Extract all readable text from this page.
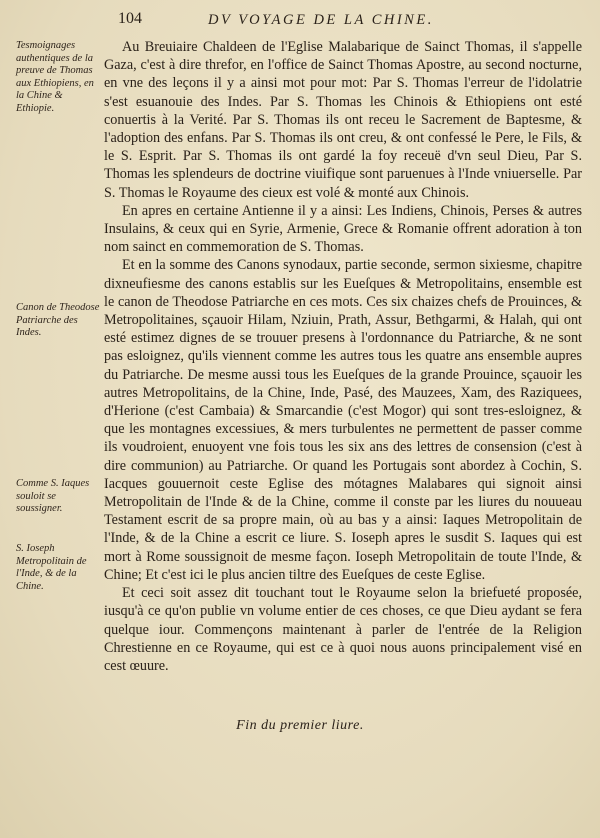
104	DV VOYAGE DE LA CHINE.
Tesmoignages authentiques de la preuve de Thomas aux Ethiopiens, en la Chine & Ethiopie.
Canon de Theodose Patriarche des Indes.
Comme S. Iaques souloit se soussigner.
S. Ioseph Metropolitain de l'Inde, & de la Chine.

Au Breuiaire Chaldeen de l'Eglise Malabarique de Sainct Thomas, il s'appelle Gaza, c'est à dire threfor, en l'office de Sainct Thomas Apostre, au second nocturne, en vne des leçons il y a ainsi mot pour mot: Par S. Thomas l'erreur de l'idolatrie s'est esuanouie des Indes. Par S. Thomas les Chinois & Ethiopiens ont esté conuertis à la Verité. Par S. Thomas ils ont receu le Sacrement de Baptesme, & l'adoption des enfans. Par S. Thomas ils ont creu, & ont confessé le Pere, le Fils, & le S. Esprit. Par S. Thomas ils ont gardé la foy receuë d'vn seul Dieu, Par S. Thomas les splendeurs de doctrine viuifique sont paruenues à l'Inde vniuerselle. Par S. Thomas le Royaume des cieux est volé & monté aux Chinois.

En apres en certaine Antienne il y a ainsi: Les Indiens, Chinois, Perses & autres Insulains, & ceux qui en Syrie, Armenie, Grece & Romanie offrent adoration à ton nom sainct en commemoration de S. Thomas.

Et en la somme des Canons synodaux, partie seconde, sermon sixiesme, chapitre dixneufiesme des canons establis sur les Eueſques & Metropolitains, ensemble est le canon de Theodose Patriarche en ces mots. Ces six chaizes chefs de Prouinces, & Metropolitaines, sçauoir Hilam, Nziuin, Prath, Assur, Bethgarmi, & Halah, qui ont esté estimez dignes de se trouuer presens à l'ordonnance du Patriarche, & ne sont pas esloignez, qu'ils viennent comme les autres tous les quatre ans ensemble aupres du Patriarche. De mesme aussi tous les Eueſques de la grande Prouince, sçauoir les autres Metropolitains, de la Chine, Inde, Pasé, des Mauzees, Xam, des Raziquees, d'Herione (c'est Cambaia) & Smarcandie (c'est Mogor) qui sont tres-esloignez, & que les montagnes excessiues, & mers turbulentes ne permettent de passer comme ils voudroient, enuoyent vne fois tous les six ans des lettres de consension (c'est à dire communion) au Patriarche. Or quand les Portugais sont abordez à Cochin, S. Iacques gouuernoit ceste Eglise des mótagnes Malabares qui signoit ainsi Metropolitain de l'Inde & de la Chine, comme il conste par les liures du nouueau Testament escrit de sa propre main, où au bas y a ainsi: Iaques Metropolitain de l'Inde, & de la Chine a escrit ce liure. S. Ioseph apres le susdit S. Iaques qui est mort à Rome soussignoit de mesme façon. Ioseph Metropolitain de toute l'Inde, & Chine; Et c'est ici le plus ancien tiltre des Eueſques de ceste Eglise.

Et ceci soit assez dit touchant tout le Royaume selon la briefueté proposée, iusqu'à ce qu'on publie vn volume entier de ces choses, ce que Dieu aydant se fera quelque iour. Commençons maintenant à parler de l'entrée de la Religion Chrestienne en ce Royaume, qui est ce à quoi nous auons principalement visé en cest œuure.

Fin du premier liure.
